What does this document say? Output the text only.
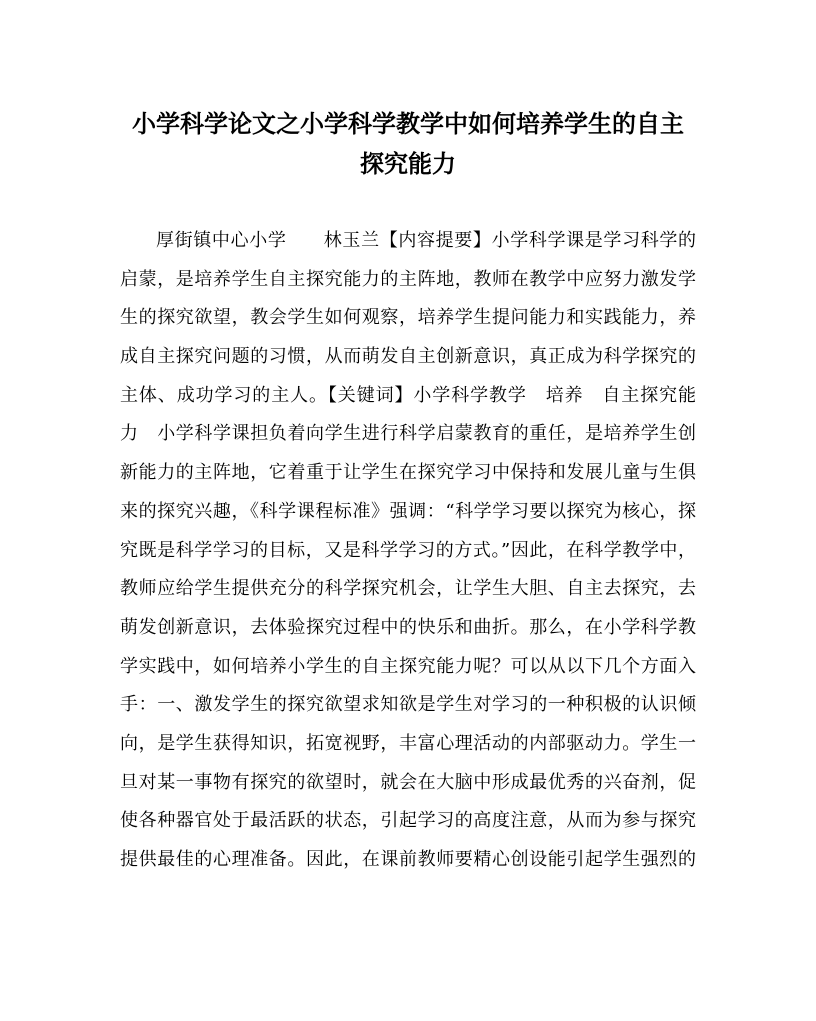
小学科学论文之小学科学教学中如何培养学生的自主
探究能力
厚街镇中心小学　　林玉兰【内容提要】小学科学课是学习科学的
启蒙，是培养学生自主探究能力的主阵地，教师在教学中应努力激发学
生的探究欲望，教会学生如何观察，培养学生提问能力和实践能力，养
成自主探究问题的习惯，从而萌发自主创新意识，真正成为科学探究的
主体、成功学习的主人。【关键词】小学科学教学　培养　自主探究能
力　小学科学课担负着向学生进行科学启蒙教育的重任，是培养学生创
新能力的主阵地，它着重于让学生在探究学习中保持和发展儿童与生俱
来的探究兴趣，《科学课程标准》强调：“科学学习要以探究为核心，探
究既是科学学习的目标，又是科学学习的方式。”因此，在科学教学中，
教师应给学生提供充分的科学探究机会，让学生大胆、自主去探究，去
萌发创新意识，去体验探究过程中的快乐和曲折。那么，在小学科学教
学实践中，如何培养小学生的自主探究能力呢？可以从以下几个方面入
手：一、激发学生的探究欲望求知欲是学生对学习的一种积极的认识倾
向，是学生获得知识，拓宽视野，丰富心理活动的内部驱动力。学生一
旦对某一事物有探究的欲望时，就会在大脑中形成最优秀的兴奋剂，促
使各种器官处于最活跃的状态，引起学习的高度注意，从而为参与探究
提供最佳的心理准备。因此，在课前教师要精心创设能引起学生强烈的
